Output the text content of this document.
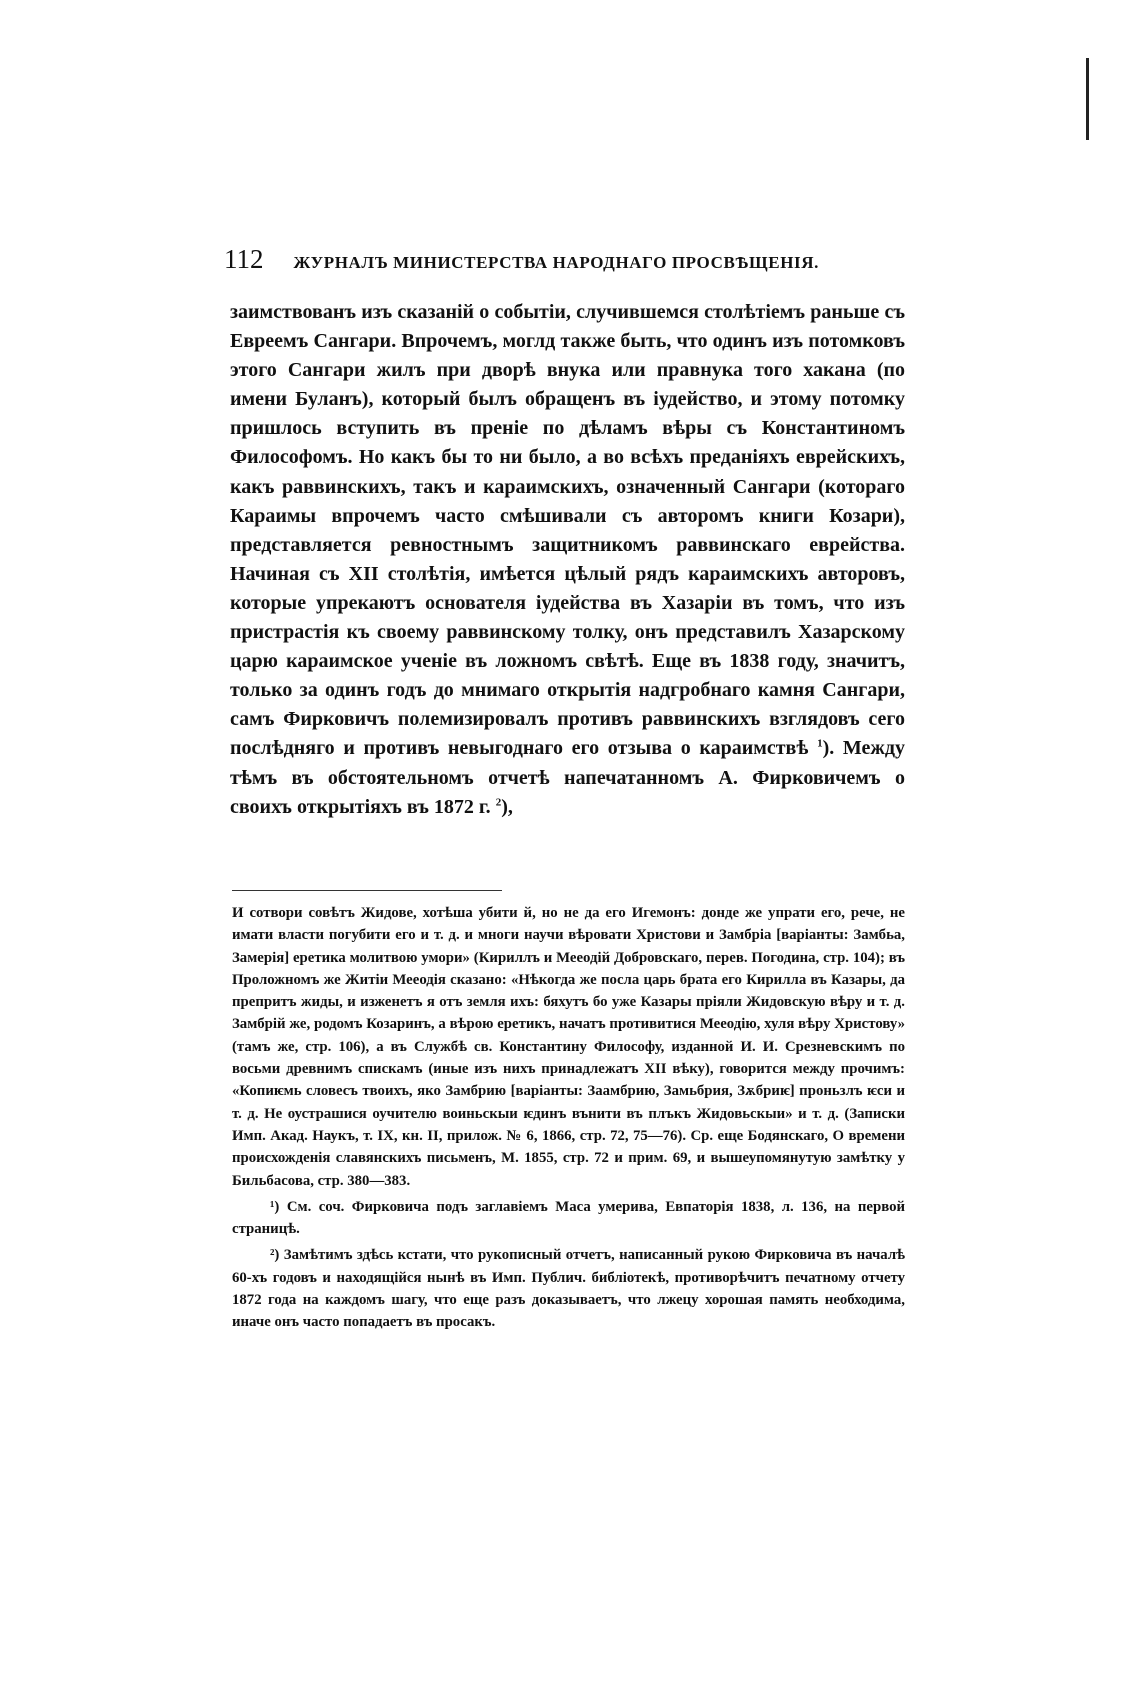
112 ЖУРНАЛЪ МИНИСТЕРСТВА НАРОДНАГО ПРОСВѢЩЕНІЯ.

заимствованъ изъ сказаній о событіи, случившемся столѣтіемъ раньше съ Евреемъ Сангари. Впрочемъ, моглд также быть, что одинъ изъ потомковъ этого Сангари жилъ при дворѣ внука или правнука того хакана (по имени Буланъ), который былъ обращенъ въ іудейство, и этому потомку пришлось вступить въ преніе по дѣламъ вѣры съ Константиномъ Философомъ. Но какъ бы то ни было, а во всѣхъ преданіяхъ еврейскихъ, какъ раввинскихъ, такъ и караимскихъ, означенный Сангари (котораго Караимы впрочемъ часто смѣшивали съ авторомъ книги Козари), представляется ревностнымъ защитникомъ раввинскаго еврейства. Начиная съ XII столѣтія, имѣется цѣлый рядъ караимскихъ авторовъ, которые упрекаютъ основателя іудейства въ Хазаріи въ томъ, что изъ пристрастія къ своему раввинскому толку, онъ представилъ Хазарскому царю караимское ученіе въ ложномъ свѣтѣ. Еще въ 1838 году, значитъ, только за одинъ годъ до мнимаго открытія надгробнаго камня Сангари, самъ Фирковичъ полемизировалъ противъ раввинскихъ взглядовъ сего послѣдняго и противъ невыгоднаго его отзыва о караимствѣ $^1$). Между тѣмъ въ обстоятельномъ отчетѣ напечатанномъ А. Фирковичемъ о своихъ открытіяхъ въ 1872 г. $^2$),

И сотвори совѣтъ Жидове, хотѣша убити й, но не да его Игемонъ: донде же упрати его, рече, не имати власти погубити его и т. д. и многи научи вѣровати Христови и Замбріа [варіанты: Замбьа, Замерія] еретика молитвою умори» (Кириллъ и Мееодій Добровскаго, перев. Погодина, стр. 104); въ Проложномъ же Житіи Мееодія сказано: «Нѣкогда же посла царь брата его Кирилла въ Казары, да препритъ жиды, и изженетъ я отъ земля ихъ: бяхутъ бо уже Казары пріяли Жидовскую вѣру и т. д. Замбрій же, родомъ Козаринъ, а вѣрою еретикъ, начатъ противитися Мееодію, хуля вѣру Христову» (тамъ же, стр. 106), а въ Службѣ св. Константину Философу, изданной И. И. Срезневскимъ по восьми древнимъ спискамъ (иные изъ нихъ принадлежатъ XII вѣку), говорится между прочимъ: «Копиѥмь словесъ твоихъ, яко Замбрию [варіанты: Заамбрию, Замьбрия, Зѫбриѥ] проньзлъ ѥси и т. д. Не оустрашися оучителю воиньскыи ѥдинъ вънити въ плъкъ Жидовьскыи» и т. д. (Записки Имп. Акад. Наукъ, т. IX, кн. II, прилож. № 6, 1866, стр. 72, 75—76). Ср. еще Бодянскаго, О времени происхожденія славянскихъ письменъ, М. 1855, стр. 72 и прим. 69, и вышеупомянутую замѣтку у Бильбасова, стр. 380—383.

¹) См. соч. Фирковича подъ заглавіемъ Маса умерива, Евпаторія 1838, л. 136, на первой страницѣ.

²) Замѣтимъ здѣсь кстати, что рукописный отчетъ, написанный рукою Фирковича въ началѣ 60-хъ годовъ и находящійся нынѣ въ Имп. Публич. библіотекѣ, противорѣчитъ печатному отчету 1872 года на каждомъ шагу, что еще разъ доказываетъ, что лжецу хорошая память необходима, иначе онъ часто попадаетъ въ просакъ.
